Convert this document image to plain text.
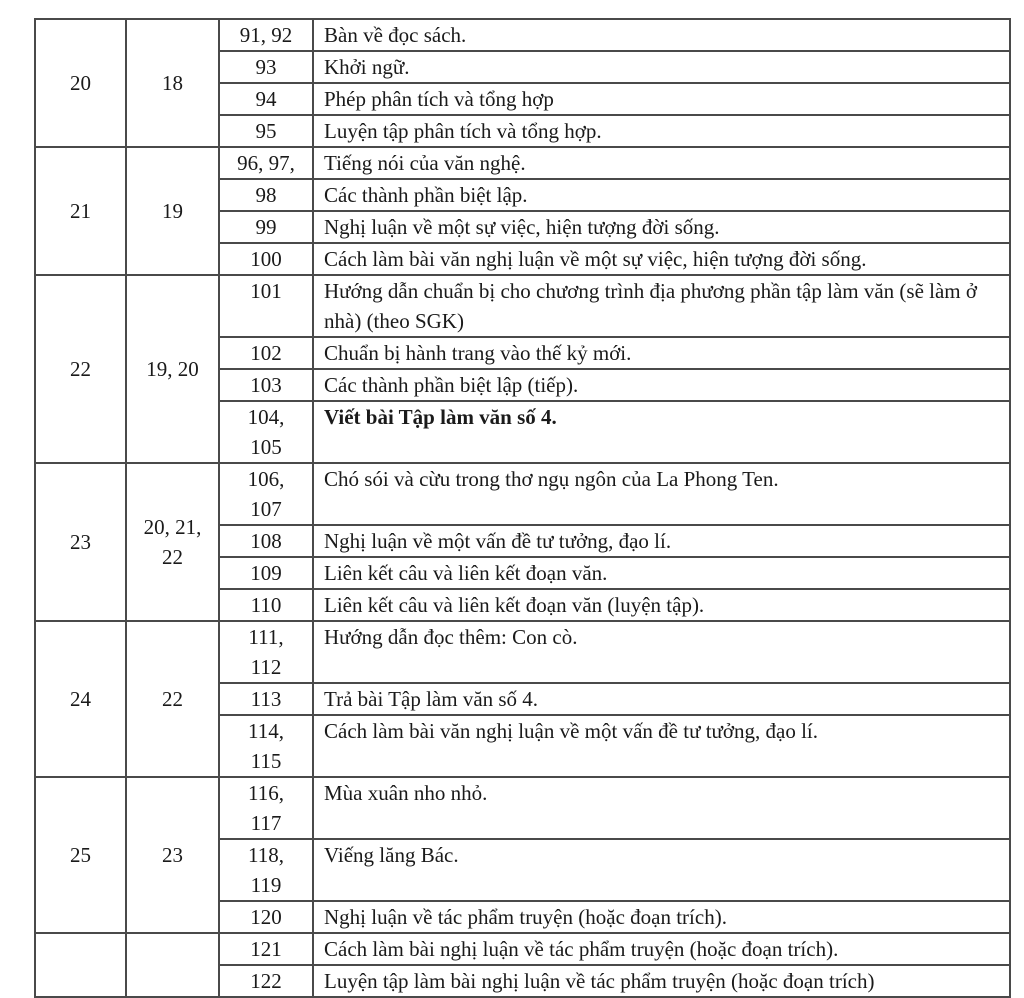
20	18	91, 92	Bàn về đọc sách.

		93	Khởi ngữ.

		94	Phép phân tích và tổng hợp

		95	Luyện tập phân tích và tổng hợp.
21	19	96, 97,	Tiếng nói của văn nghệ.

		98	Các thành phần biệt lập.

		99	Nghị luận về một sự việc, hiện tượng đời sống.

		100	Cách làm bài văn nghị luận về một sự việc, hiện tượng đời sống.
22	19, 20	101	Hướng dẫn chuẩn bị cho chương trình địa phương phần tập làm văn (sẽ làm ở nhà) (theo SGK)

		102	Chuẩn bị hành trang vào thế kỷ mới.

		103	Các thành phần biệt lập (tiếp).

		104,
105	Viết bài Tập làm văn số 4.
23	20, 21, 22	106,
107	Chó sói và cừu trong thơ ngụ ngôn của La Phong Ten.

		108	Nghị luận về một vấn đề tư tưởng, đạo lí.

		109	Liên kết câu và liên kết đoạn văn.

		110	Liên kết câu và liên kết đoạn văn (luyện tập).
24	22	111,
112	Hướng dẫn đọc thêm: Con cò.

		113	Trả bài Tập làm văn số 4.

		114,
115	Cách làm bài văn nghị luận về một vấn đề tư tưởng, đạo lí.
25	23	116,
117	Mùa xuân nho nhỏ.

		118,
119	Viếng lăng Bác.

		120	Nghị luận về tác phẩm truyện (hoặc đoạn trích).

		121	Cách làm bài nghị luận về tác phẩm truyện (hoặc đoạn trích).

		122	Luyện tập làm bài nghị luận về tác phẩm truyện (hoặc đoạn trích)
